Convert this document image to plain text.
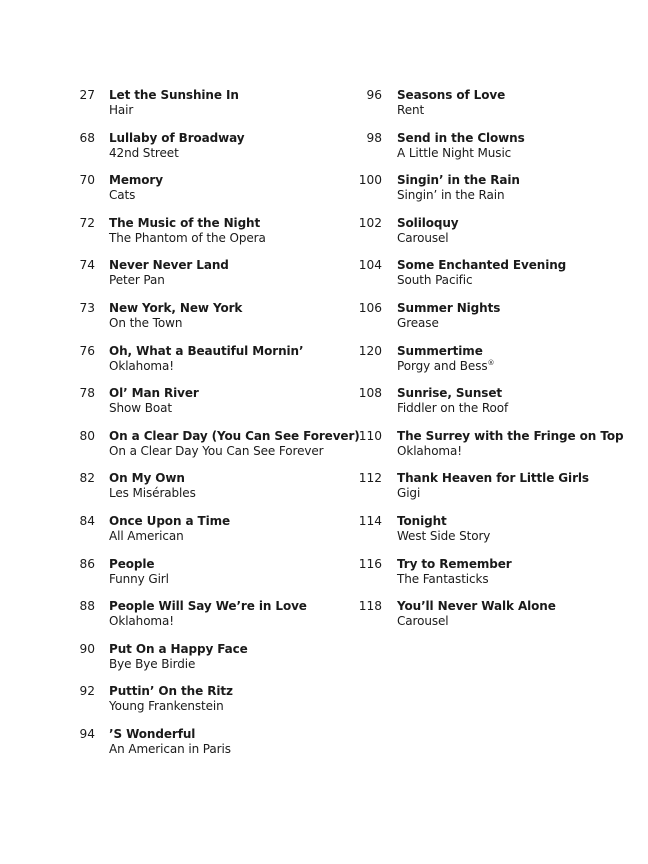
27 Let the Sunshine In
Hair
68 Lullaby of Broadway
42nd Street
70 Memory
Cats
72 The Music of the Night
The Phantom of the Opera
74 Never Never Land
Peter Pan
73 New York, New York
On the Town
76 Oh, What a Beautiful Mornin’
Oklahoma!
78 Ol’ Man River
Show Boat
80 On a Clear Day (You Can See Forever)
On a Clear Day You Can See Forever
82 On My Own
Les Misérables
84 Once Upon a Time
All American
86 People
Funny Girl
88 People Will Say We’re in Love
Oklahoma!
90 Put On a Happy Face
Bye Bye Birdie
92 Puttin’ On the Ritz
Young Frankenstein
94 ’S Wonderful
An American in Paris
96 Seasons of Love
Rent
98 Send in the Clowns
A Little Night Music
100 Singin’ in the Rain
Singin’ in the Rain
102 Soliloquy
Carousel
104 Some Enchanted Evening
South Pacific
106 Summer Nights
Grease
120 Summertime
Porgy and Bess®
108 Sunrise, Sunset
Fiddler on the Roof
110 The Surrey with the Fringe on Top
Oklahoma!
112 Thank Heaven for Little Girls
Gigi
114 Tonight
West Side Story
116 Try to Remember
The Fantasticks
118 You’ll Never Walk Alone
Carousel
